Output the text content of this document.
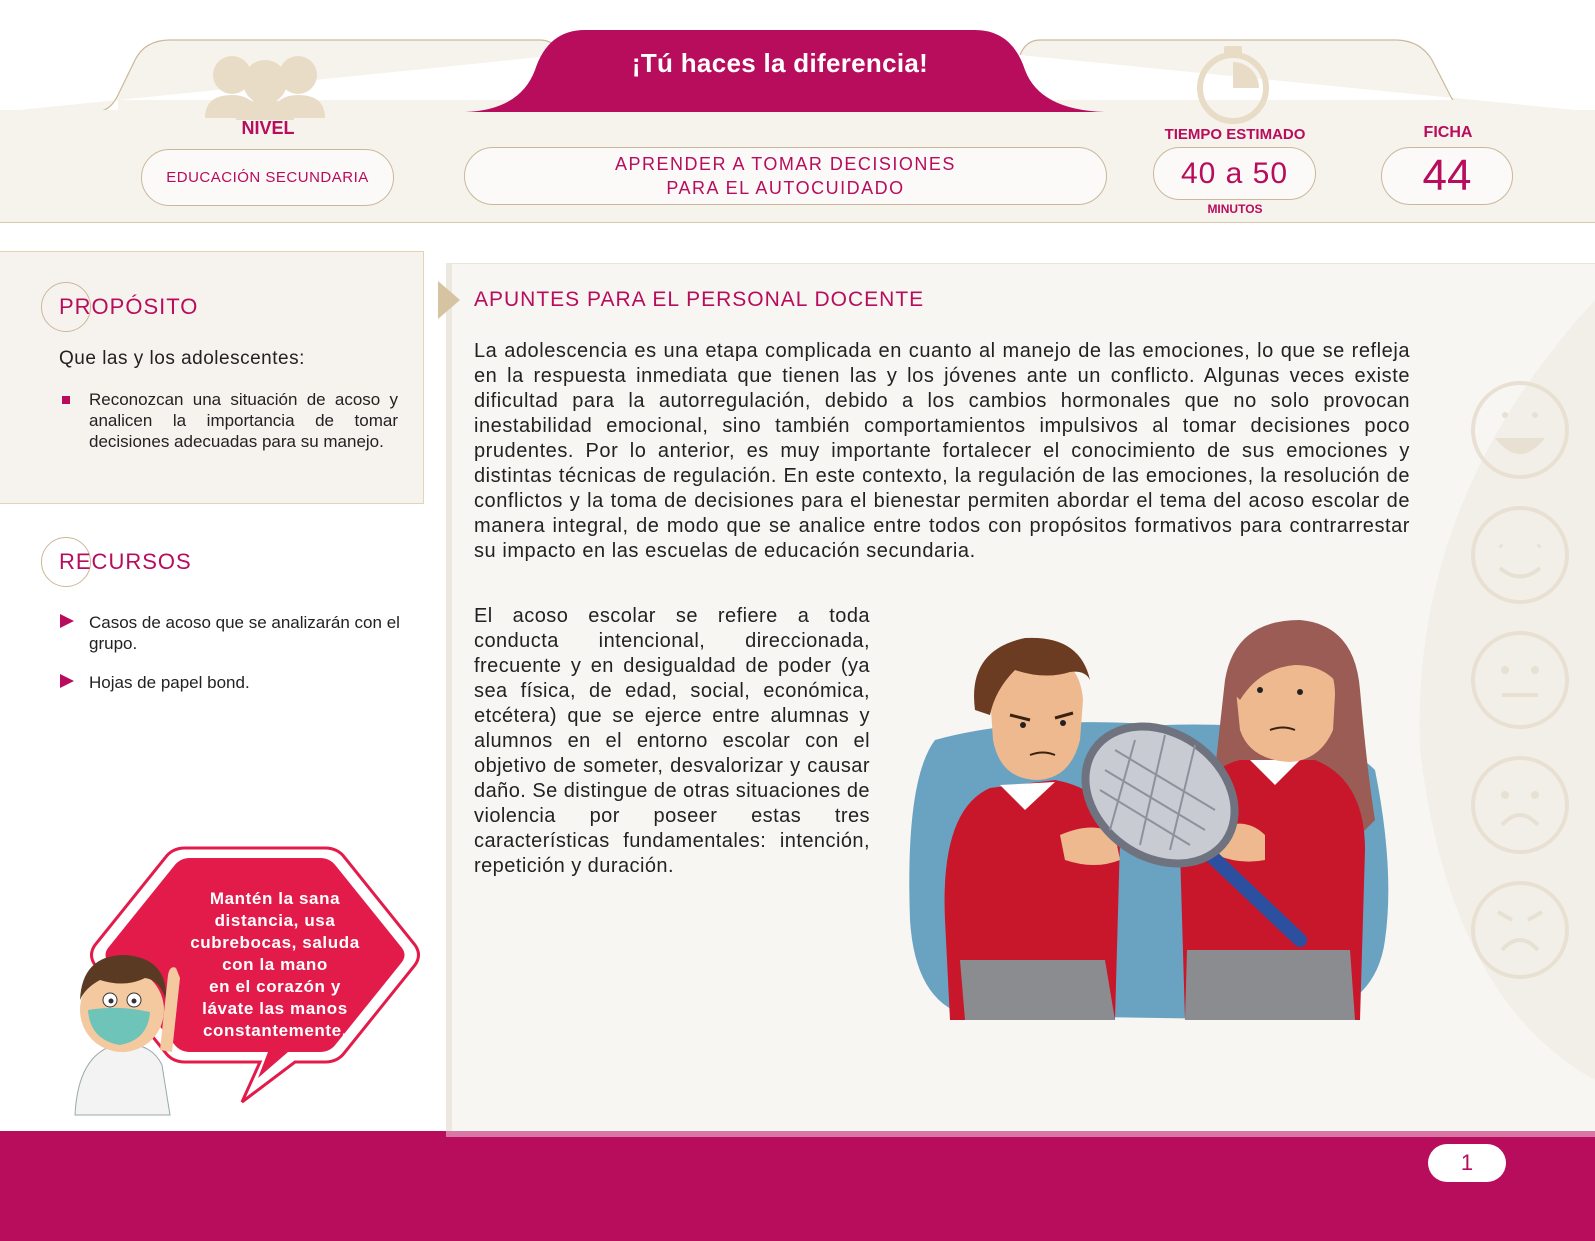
¡Tú haces la diferencia!
NIVEL
EDUCACIÓN SECUNDARIA
APRENDER A TOMAR DECISIONES
PARA EL AUTOCUIDADO
TIEMPO ESTIMADO
40 a 50
MINUTOS
FICHA
44
PROPÓSITO
Que las y los adolescentes:
Reconozcan una situación de acoso y analicen la importancia de tomar decisiones adecuadas para su manejo.
RECURSOS
Casos de acoso que se analizarán con el grupo.
Hojas de papel bond.
Mantén la sana
distancia, usa
cubrebocas, saluda
con la mano
en el corazón y
lávate las manos
constantemente.
APUNTES PARA EL PERSONAL DOCENTE
La adolescencia es una etapa complicada en cuanto al manejo de las emociones, lo que se refleja en la respuesta inmediata que tienen las y los jóvenes ante un conflicto. Algunas veces existe dificultad para la autorregulación, debido a los cambios hormonales que no solo provocan inestabilidad emocional, sino también comportamientos impulsivos al tomar decisiones poco prudentes. Por lo anterior, es muy importante fortalecer el conocimiento de sus emociones y distintas técnicas de regulación. En este contexto, la regulación de las emociones, la resolución de conflictos y la toma de decisiones para el bienestar permiten abordar el tema del acoso escolar de manera integral, de modo que se analice entre todos con propósitos formativos para contrarrestar su impacto en las escuelas de educación secundaria.
El acoso escolar se refiere a toda conducta intencional, direccionada, frecuente y en desigualdad de poder (ya sea física, de edad, social, económica, etcétera) que se ejerce entre alumnas y alumnos en el entorno escolar con el objetivo de someter, desvalorizar y causar daño. Se distingue de otras situaciones de violencia por poseer estas tres características fundamentales: intención, repetición y duración.
1
